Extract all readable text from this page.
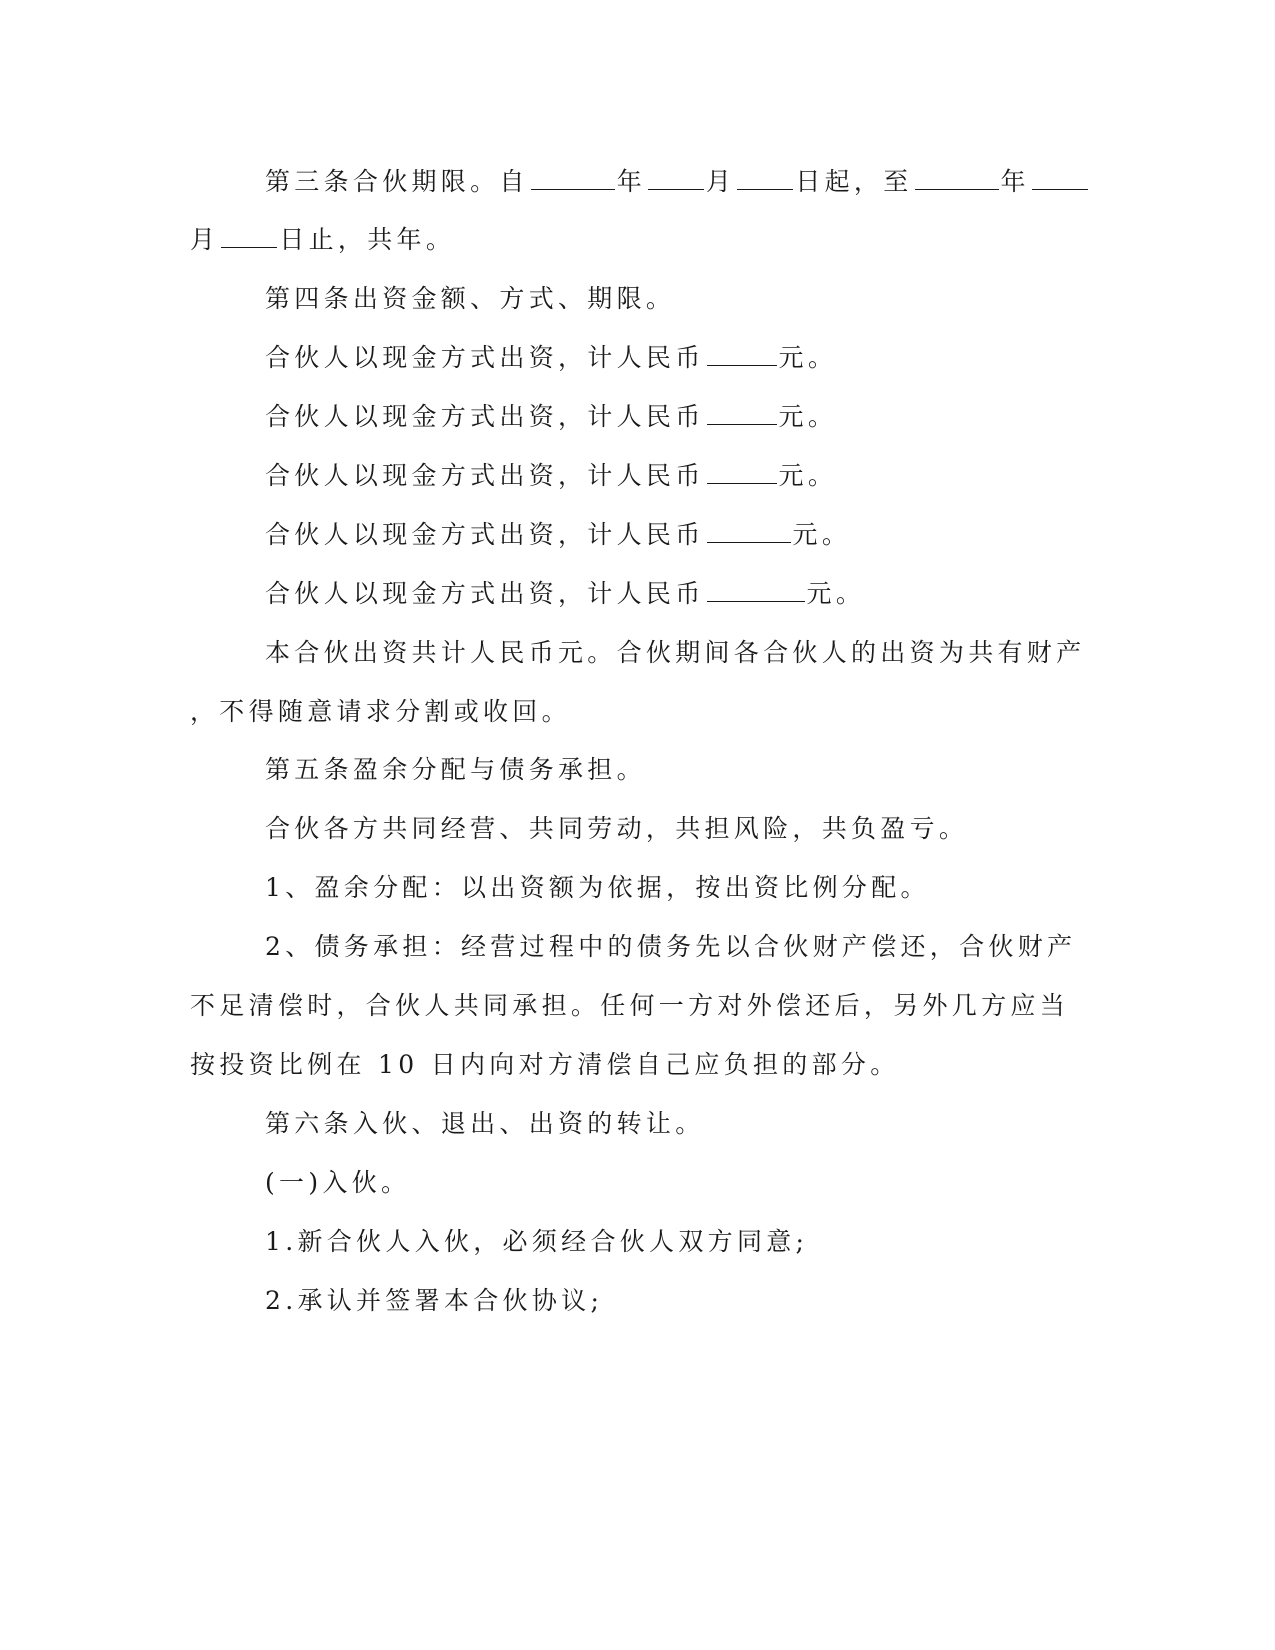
第三条合伙期限。自	年 月 日起，至	年
月 日止，共年。
第四条出资金额、方式、期限。
合伙人以现金方式出资，计人民币	元。
合伙人以现金方式出资，计人民币	元。
合伙人以现金方式出资，计人民币	元。
合伙人以现金方式出资，计人民币	元。
合伙人以现金方式出资，计人民币	元。
本合伙出资共计人民币元。合伙期间各合伙人的出资为共有财产
，不得随意请求分割或收回。
第五条盈余分配与债务承担。
合伙各方共同经营、共同劳动，共担风险，共负盈亏。
1、盈余分配：以出资额为依据，按出资比例分配。
2、债务承担：经营过程中的债务先以合伙财产偿还，合伙财产
不足清偿时，合伙人共同承担。任何一方对外偿还后，另外几方应当
按投资比例在 10 日内向对方清偿自己应负担的部分。
第六条入伙、退出、出资的转让。
(一)入伙。
1.新合伙人入伙，必须经合伙人双方同意;
2.承认并签署本合伙协议;
